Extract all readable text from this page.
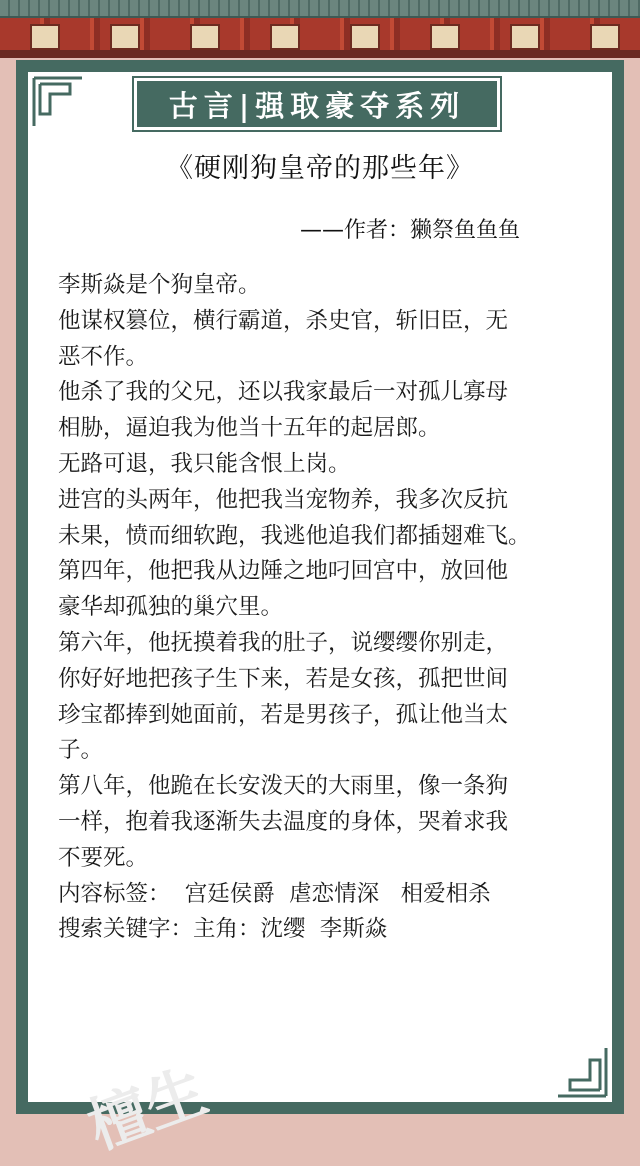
檀生
古言|强取豪夺系列
《硬刚狗皇帝的那些年》
——作者：獭祭鱼鱼鱼
李斯焱是个狗皇帝。
他谋权篡位，横行霸道，杀史官，斩旧臣，无
恶不作。
他杀了我的父兄，还以我家最后一对孤儿寡母
相胁，逼迫我为他当十五年的起居郎。
无路可退，我只能含恨上岗。
进宫的头两年，他把我当宠物养，我多次反抗
未果，愤而细软跑，我逃他追我们都插翅难飞。
第四年，他把我从边陲之地叼回宫中，放回他
豪华却孤独的巢穴里。
第六年，他抚摸着我的肚子，说缨缨你别走，
你好好地把孩子生下来，若是女孩，孤把世间
珍宝都捧到她面前，若是男孩子，孤让他当太
子。
第八年，他跪在长安泼天的大雨里，像一条狗
一样，抱着我逐渐失去温度的身体，哭着求我
不要死。
内容标签：  宫廷侯爵  虐恋情深   相爱相杀
搜索关键字：主角：沈缨  李斯焱
